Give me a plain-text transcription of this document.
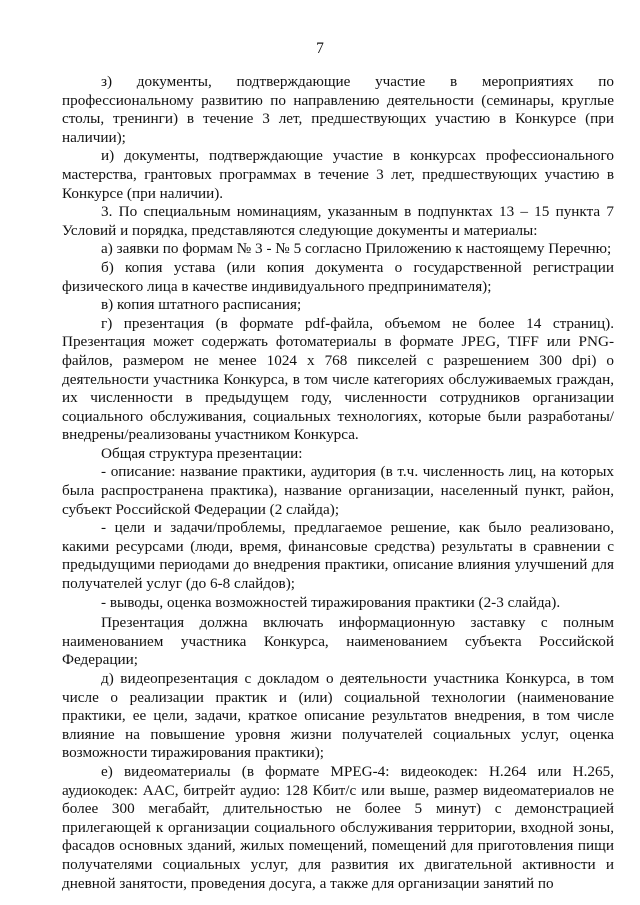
7

з) документы, подтверждающие участие в мероприятиях по профессиональному развитию по направлению деятельности (семинары, круглые столы, тренинги) в течение 3 лет, предшествующих участию в Конкурсе (при наличии);

и) документы, подтверждающие участие в конкурсах профессионального мастерства, грантовых программах в течение 3 лет, предшествующих участию в Конкурсе (при наличии).

3. По специальным номинациям, указанным в подпунктах 13 – 15 пункта 7 Условий и порядка, представляются следующие документы и материалы:

а) заявки по формам № 3 - № 5 согласно Приложению к настоящему Перечню;

б) копия устава (или копия документа о государственной регистрации физического лица в качестве индивидуального предпринимателя);

в) копия штатного расписания;

г) презентация (в формате pdf-файла, объемом не более 14 страниц). Презентация может содержать фотоматериалы в формате JPEG, TIFF или PNG-файлов, размером не менее 1024 х 768 пикселей с разрешением 300 dpi) о деятельности участника Конкурса, в том числе категориях обслуживаемых граждан, их численности в предыдущем году, численности сотрудников организации социального обслуживания, социальных технологиях, которые были разработаны/внедрены/реализованы участником Конкурса.

Общая структура презентации:

- описание: название практики, аудитория (в т.ч. численность лиц, на которых была распространена практика), название организации, населенный пункт, район, субъект Российской Федерации (2 слайда);

- цели и задачи/проблемы, предлагаемое решение, как было реализовано, какими ресурсами (люди, время, финансовые средства) результаты в сравнении с предыдущими периодами до внедрения практики, описание влияния улучшений для получателей услуг (до 6-8 слайдов);

- выводы, оценка возможностей тиражирования практики (2-3 слайда).

Презентация должна включать информационную заставку с полным наименованием участника Конкурса, наименованием субъекта Российской Федерации;

д) видеопрезентация с докладом о деятельности участника Конкурса, в том числе о реализации практик и (или) социальной технологии (наименование практики, ее цели, задачи, краткое описание результатов внедрения, в том числе влияние на повышение уровня жизни получателей социальных услуг, оценка возможности тиражирования практики);

е) видеоматериалы (в формате MPEG-4: видеокодек: H.264 или H.265, аудиокодек: AAC, битрейт аудио: 128 Кбит/с или выше, размер видеоматериалов не более 300 мегабайт, длительностью не более 5 минут) с демонстрацией прилегающей к организации социального обслуживания территории, входной зоны, фасадов основных зданий, жилых помещений, помещений для приготовления пищи получателями социальных услуг, для развития их двигательной активности и дневной занятости, проведения досуга, а также для организации занятий по
